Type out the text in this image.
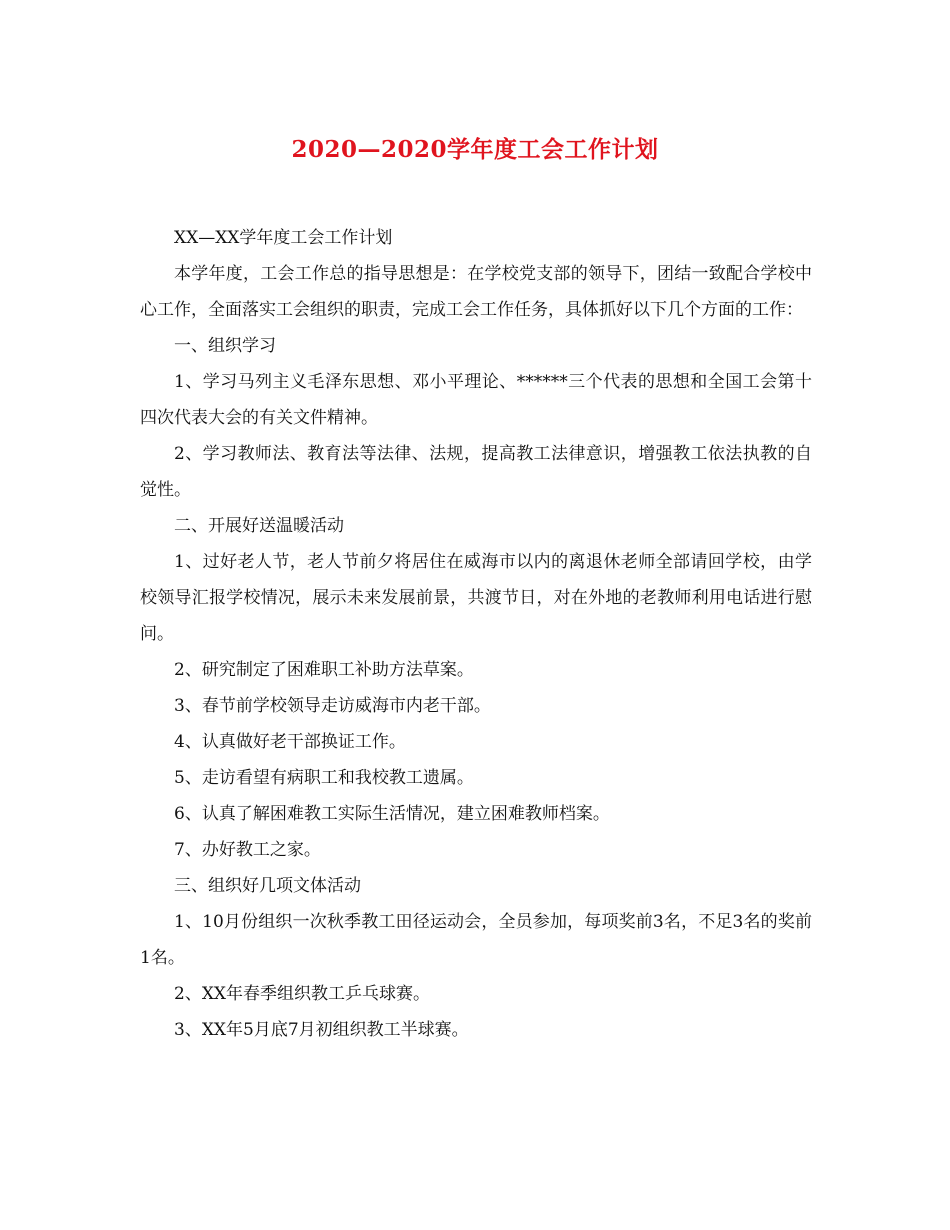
2020—2020学年度工会工作计划

XX—XX学年度工会工作计划

本学年度，工会工作总的指导思想是：在学校党支部的领导下，团结一致配合学校中心工作，全面落实工会组织的职责，完成工会工作任务，具体抓好以下几个方面的工作：

一、组织学习

1、学习马列主义毛泽东思想、邓小平理论、******三个代表的思想和全国工会第十四次代表大会的有关文件精神。

2、学习教师法、教育法等法律、法规，提高教工法律意识，增强教工依法执教的自觉性。

二、开展好送温暖活动

1、过好老人节，老人节前夕将居住在威海市以内的离退休老师全部请回学校，由学校领导汇报学校情况，展示未来发展前景，共渡节日，对在外地的老教师利用电话进行慰问。

2、研究制定了困难职工补助方法草案。

3、春节前学校领导走访威海市内老干部。

4、认真做好老干部换证工作。

5、走访看望有病职工和我校教工遗属。

6、认真了解困难教工实际生活情况，建立困难教师档案。

7、办好教工之家。

三、组织好几项文体活动

1、10月份组织一次秋季教工田径运动会，全员参加，每项奖前3名，不足3名的奖前1名。

2、XX年春季组织教工乒乓球赛。

3、XX年5月底7月初组织教工半球赛。
